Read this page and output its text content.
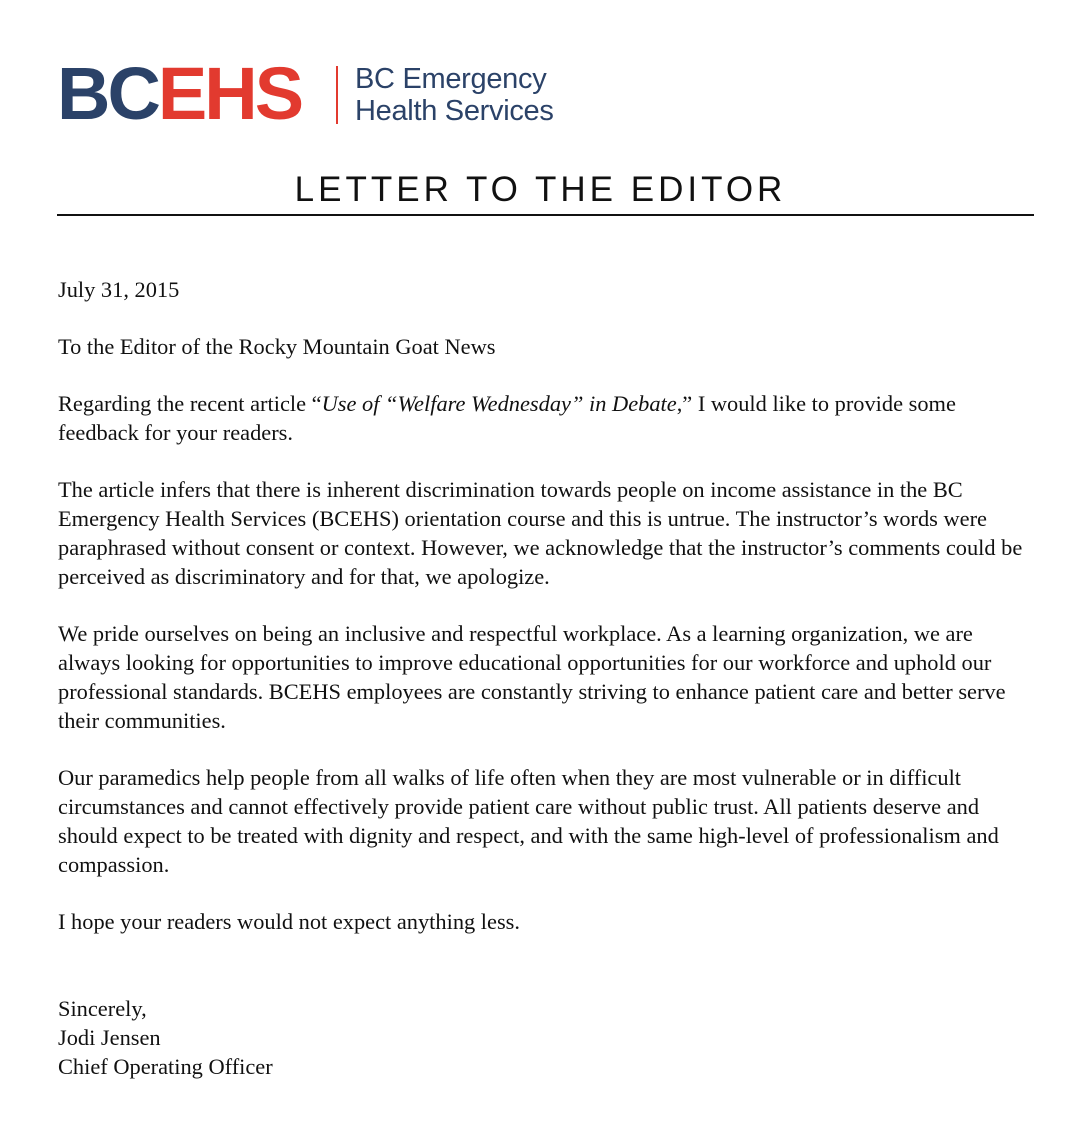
BCEHS BC Emergency
Health Services
LETTER TO THE EDITOR

July 31, 2015

To the Editor of the Rocky Mountain Goat News

Regarding the recent article “Use of “Welfare Wednesday” in Debate,” I would like to provide some feedback for your readers.

The article infers that there is inherent discrimination towards people on income assistance in the BC Emergency Health Services (BCEHS) orientation course and this is untrue. The instructor’s words were paraphrased without consent or context. However, we acknowledge that the instructor’s comments could be perceived as discriminatory and for that, we apologize.

We pride ourselves on being an inclusive and respectful workplace. As a learning organization, we are always looking for opportunities to improve educational opportunities for our workforce and uphold our professional standards. BCEHS employees are constantly striving to enhance patient care and better serve their communities.

Our paramedics help people from all walks of life often when they are most vulnerable or in difficult circumstances and cannot effectively provide patient care without public trust. All patients deserve and should expect to be treated with dignity and respect, and with the same high-level of professionalism and compassion.

I hope your readers would not expect anything less.

Sincerely,
Jodi Jensen
Chief Operating Officer
